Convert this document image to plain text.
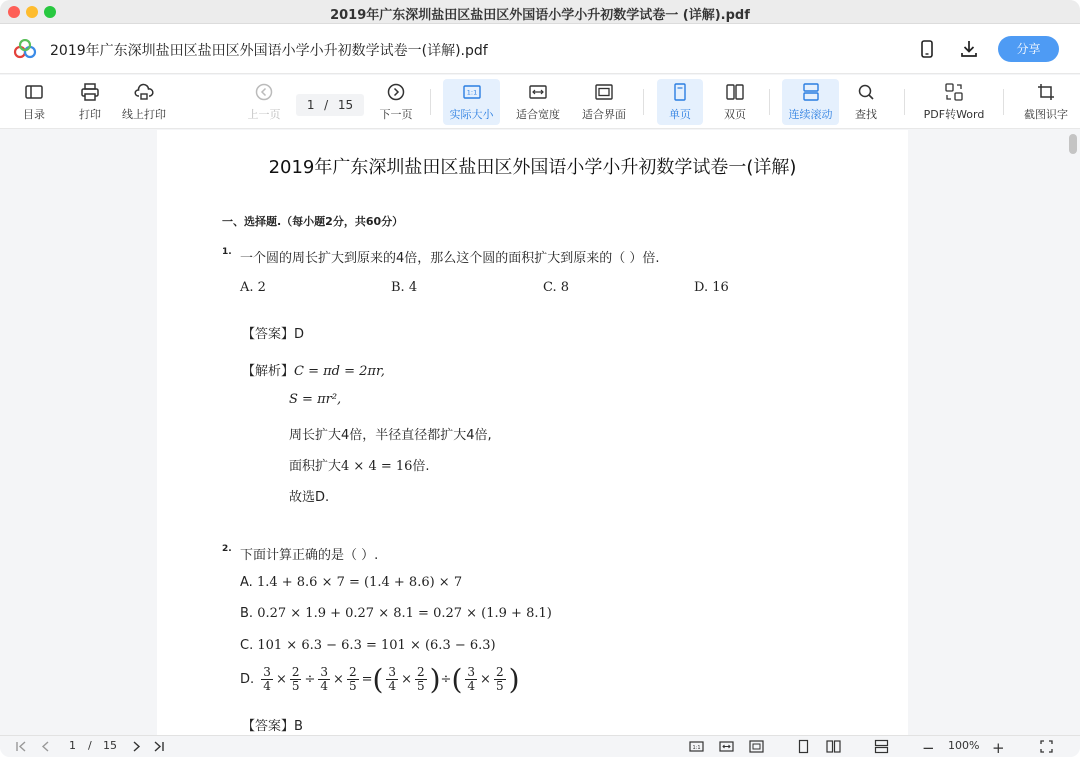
2019年广东深圳盐田区盐田区外国语小学小升初数学试卷一 (详解).pdf
2019年广东深圳盐田区盐田区外国语小学小升初数学试卷一(详解).pdf	分享
目录	打印 线上打印	上一页	下一页
1:1
实际大小 适合宽度 适合界面	单页	双页	连续滚动 查找	PDF转Word	截图识字
1 / 15
2019年广东深圳盐田区盐田区外国语小学小升初数学试卷一(详解)
一、选择题.（每小题2分，共60分）
1. 一个圆的周长扩大到原来的4倍，那么这个圆的面积扩大到原来的（ ）倍.
A. 2	B. 4	C. 8	D. 16
【答案】D
【解析】C = πd = 2πr,
S = πr²,
周长扩大4倍，半径直径都扩大4倍,
面积扩大4 × 4 = 16倍.
故选D.
2. 下面计算正确的是（ ）.
A. 1.4 + 8.6 × 7 = (1.4 + 8.6) × 7
B. 0.27 × 1.9 + 0.27 × 8.1 = 0.27 × (1.9 + 8.1)
C. 101 × 6.3 − 6.3 = 101 × (6.3 − 6.3)
D.
$\frac{3}{4} \times \frac{2}{5} \div \frac{3}{4} \times \frac{2}{5}$ = ( $\frac{3}{4} \times \frac{2}{5}$ ) ÷ ( $\frac{3}{4} \times \frac{2}{5}$ )
【答案】B
1 / 15	1:1	− 100% +
